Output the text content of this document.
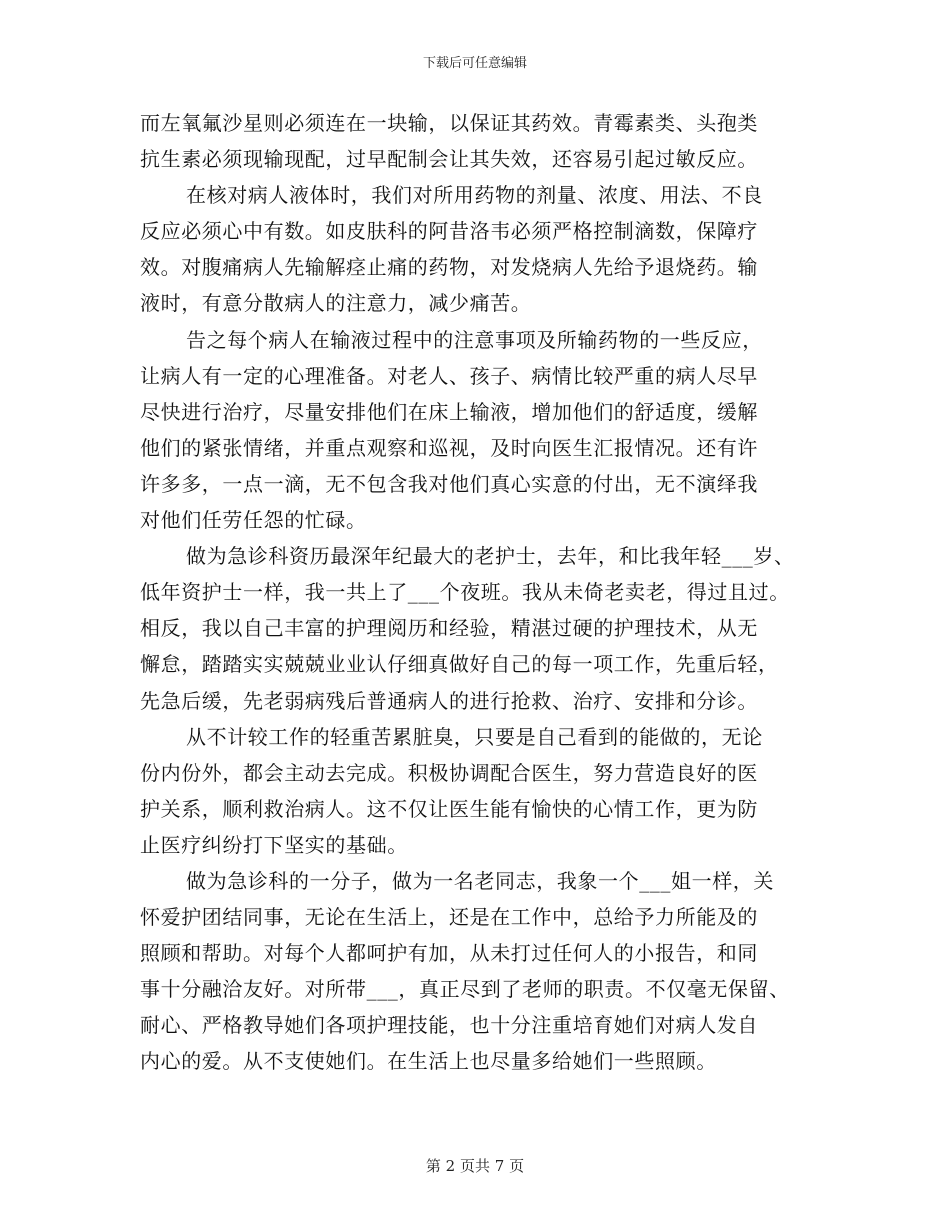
下载后可任意编辑
而左氧氟沙星则必须连在一块输，以保证其药效。青霉素类、头孢类
抗生素必须现输现配，过早配制会让其失效，还容易引起过敏反应。
在核对病人液体时，我们对所用药物的剂量、浓度、用法、不良
反应必须心中有数。如皮肤科的阿昔洛韦必须严格控制滴数，保障疗
效。对腹痛病人先输解痉止痛的药物，对发烧病人先给予退烧药。输
液时，有意分散病人的注意力，减少痛苦。
告之每个病人在输液过程中的注意事项及所输药物的一些反应，
让病人有一定的心理准备。对老人、孩子、病情比较严重的病人尽早
尽快进行治疗，尽量安排他们在床上输液，增加他们的舒适度，缓解
他们的紧张情绪，并重点观察和巡视，及时向医生汇报情况。还有许
许多多，一点一滴，无不包含我对他们真心实意的付出，无不演绎我
对他们任劳任怨的忙碌。
做为急诊科资历最深年纪最大的老护士，去年，和比我年轻___岁、
低年资护士一样，我一共上了___个夜班。我从未倚老卖老，得过且过。
相反，我以自己丰富的护理阅历和经验，精湛过硬的护理技术，从无
懈怠，踏踏实实兢兢业业认仔细真做好自己的每一项工作，先重后轻，
先急后缓，先老弱病残后普通病人的进行抢救、治疗、安排和分诊。
从不计较工作的轻重苦累脏臭，只要是自己看到的能做的，无论
份内份外，都会主动去完成。积极协调配合医生，努力营造良好的医
护关系，顺利救治病人。这不仅让医生能有愉快的心情工作，更为防
止医疗纠纷打下坚实的基础。
做为急诊科的一分子，做为一名老同志，我象一个___姐一样，关
怀爱护团结同事，无论在生活上，还是在工作中，总给予力所能及的
照顾和帮助。对每个人都呵护有加，从未打过任何人的小报告，和同
事十分融洽友好。对所带___，真正尽到了老师的职责。不仅毫无保留、
耐心、严格教导她们各项护理技能，也十分注重培育她们对病人发自
内心的爱。从不支使她们。在生活上也尽量多给她们一些照顾。
第 2 页共 7 页
